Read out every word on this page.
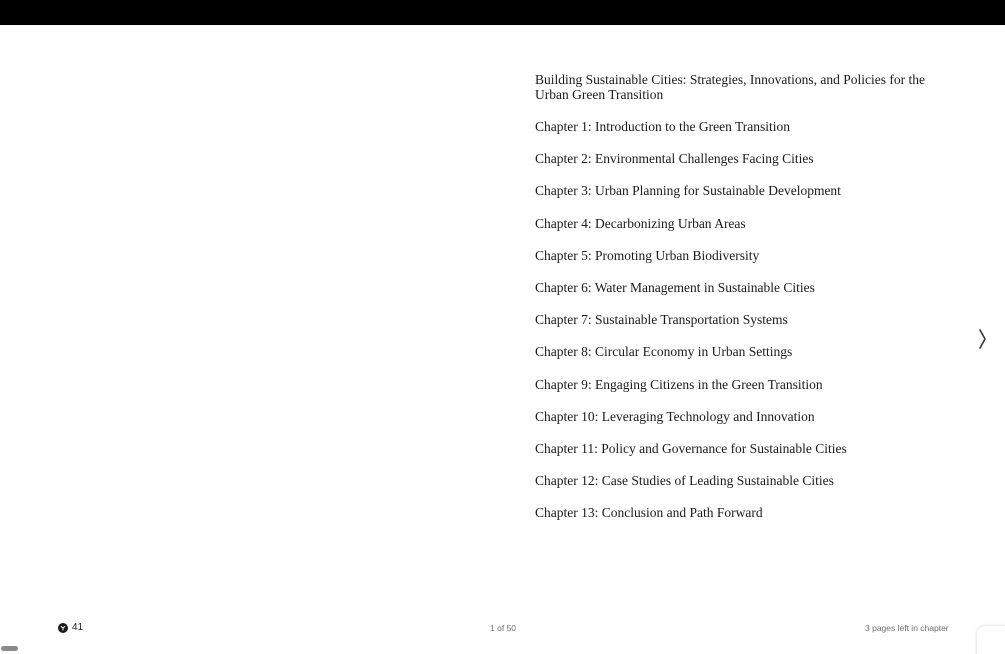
Building Sustainable Cities: Strategies, Innovations, and Policies for the Urban Green Transition
Chapter 1: Introduction to the Green Transition
Chapter 2: Environmental Challenges Facing Cities
Chapter 3: Urban Planning for Sustainable Development
Chapter 4: Decarbonizing Urban Areas
Chapter 5: Promoting Urban Biodiversity
Chapter 6: Water Management in Sustainable Cities
Chapter 7: Sustainable Transportation Systems
Chapter 8: Circular Economy in Urban Settings
Chapter 9: Engaging Citizens in the Green Transition
Chapter 10: Leveraging Technology and Innovation
Chapter 11: Policy and Governance for Sustainable Cities
Chapter 12: Case Studies of Leading Sustainable Cities
Chapter 13: Conclusion and Path Forward
41	1 of 50	3 pages left in chapter
